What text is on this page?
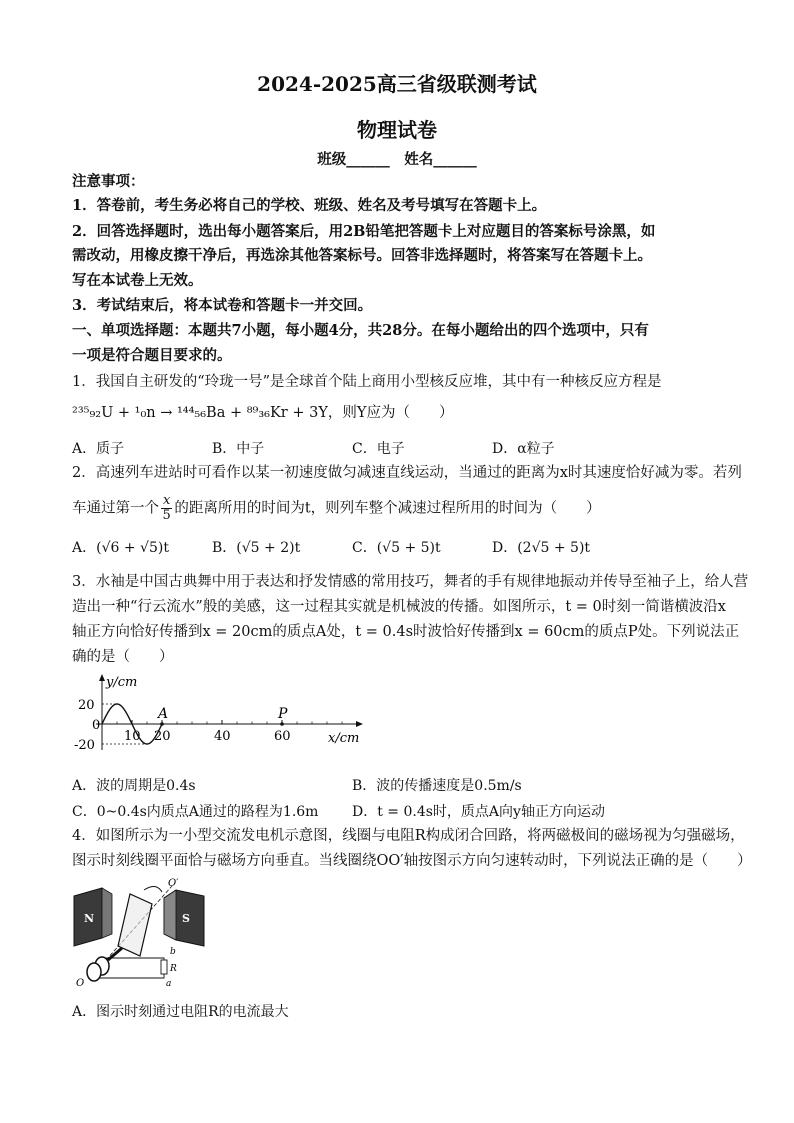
2024-2025高三省级联测考试
物理试卷
班级______　姓名______
注意事项：
1．答卷前，考生务必将自己的学校、班级、姓名及考号填写在答题卡上。
2．回答选择题时，选出每小题答案后，用2B铅笔把答题卡上对应题目的答案标号涂黑，如
需改动，用橡皮擦干净后，再选涂其他答案标号。回答非选择题时，将答案写在答题卡上。
写在本试卷上无效。
3．考试结束后，将本试卷和答题卡一并交回。
一、单项选择题：本题共7小题，每小题4分，共28分。在每小题给出的四个选项中，只有
一项是符合题目要求的。
1．我国自主研发的“玲珑一号”是全球首个陆上商用小型核反应堆，其中有一种核反应方程是
²³⁵₉₂U + ¹₀n → ¹⁴⁴₅₆Ba + ⁸⁹₃₆Kr + 3Y，则Y应为（　　）
A．质子	B．中子	C．电子	D．α粒子
2．高速列车进站时可看作以某一初速度做匀减速直线运动，当通过的距离为x时其速度恰好减为零。若列
车通过第一个 $\frac{x}{5}$ 的距离所用的时间为t，则列车整个减速过程所用的时间为（　　）
A．(√6 + √5)t	B．(√5 + 2)t	C．(√5 + 5)t	D．(2√5 + 5)t
3．水袖是中国古典舞中用于表达和抒发情感的常用技巧，舞者的手有规律地振动并传导至袖子上，给人营
造出一种“行云流水”般的美感，这一过程其实就是机械波的传播。如图所示，t = 0时刻一简谐横波沿x
轴正方向恰好传播到x = 20cm的质点A处，t = 0.4s时波恰好传播到x = 60cm的质点P处。下列说法正
确的是（　　）
10 20	40	60
20
0
-20
y/cm
x/cm
A	P
A．波的周期是0.4s	B．波的传播速度是0.5m/s
C．0~0.4s内质点A通过的路程为1.6m D．t = 0.4s时，质点A向y轴正方向运动
4．如图所示为一小型交流发电机示意图，线圈与电阻R构成闭合回路，将两磁极间的磁场视为匀强磁场，
图示时刻线圈平面恰与磁场方向垂直。当线圈绕OO′轴按图示方向匀速转动时，下列说法正确的是（　　）
N	S
O′
O
R
b
a
A．图示时刻通过电阻R的电流最大
